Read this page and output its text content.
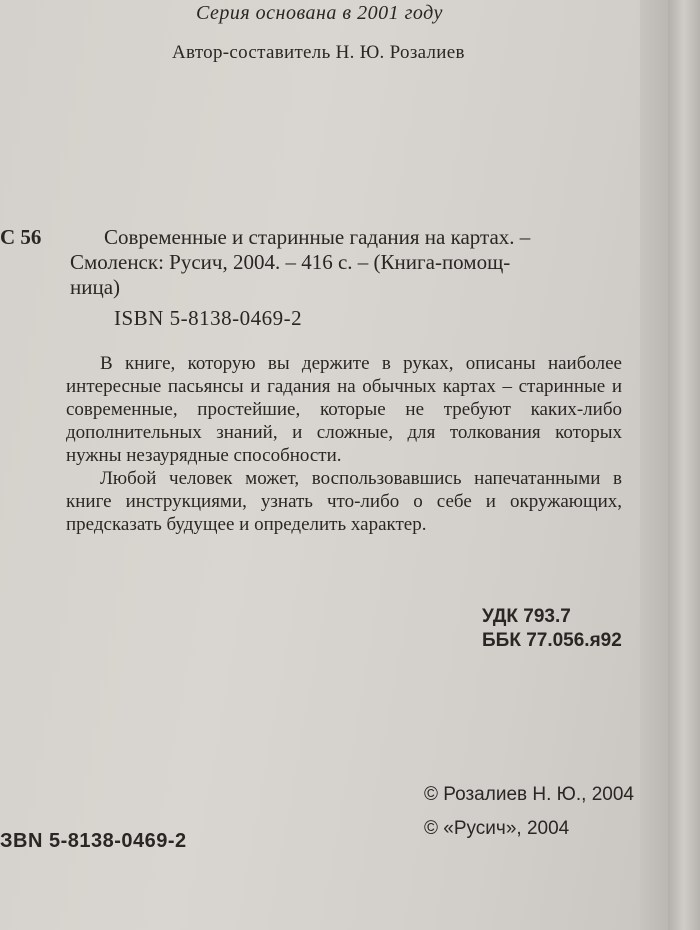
Серия основана в 2001 году
Автор-составитель Н. Ю. Розалиев
С 56	Современные и старинные гадания на картах. –
Смоленск: Русич, 2004. – 416 с. – (Книга-помощ-
ница)
ISBN 5-8138-0469-2

В книге, которую вы держите в руках, описаны наиболее интересные пасьянсы и гадания на обычных картах – старинные и современные, простейшие, которые не требуют каких-либо дополнительных знаний, и сложные, для толкования которых нужны незаурядные способности.

Любой человек может, воспользовавшись напечатанными в книге инструкциями, узнать что-либо о себе и окружающих, предсказать будущее и определить характер.

УДК 793.7
ББК 77.056.я92
© Розалиев Н. Ю., 2004
© «Русич», 2004
ЗBN 5-8138-0469-2
